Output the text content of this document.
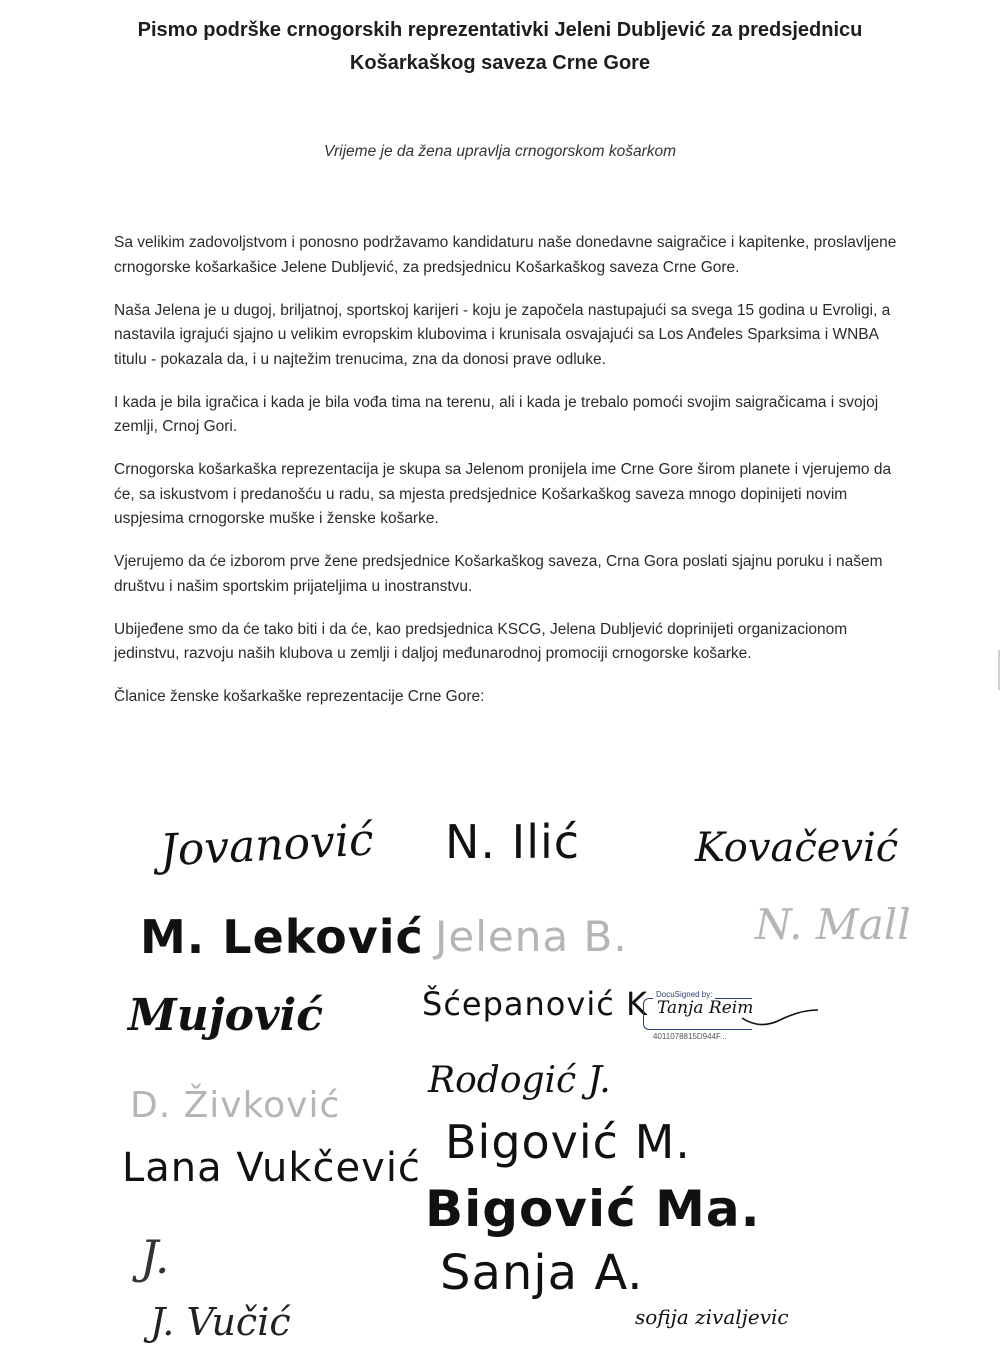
Pismo podrške crnogorskih reprezentativki Jeleni Dubljević za predsjednicu
Košarkaškog saveza Crne Gore
Vrijeme je da žena upravlja crnogorskom košarkom

Sa velikim zadovoljstvom i ponosno podržavamo kandidaturu naše donedavne saigračice i kapitenke, proslavljene crnogorske košarkašice Jelene Dubljević, za predsjednicu Košarkaškog saveza Crne Gore.

Naša Jelena je u dugoj, briljatnoj, sportskoj karijeri - koju je započela nastupajući sa svega 15 godina u Evroligi, a nastavila igrajući sjajno u velikim evropskim klubovima i krunisala osvajajući sa Los Anđeles Sparksima i WNBA titulu - pokazala da, i u najtežim trenucima, zna da donosi prave odluke.

I kada je bila igračica i kada je bila vođa tima na terenu, ali i kada je trebalo pomoći svojim saigračicama i svojoj zemlji, Crnoj Gori.

Crnogorska košarkaška reprezentacija je skupa sa Jelenom pronijela ime Crne Gore širom planete i vjerujemo da će, sa iskustvom i predanošću u radu, sa mjesta predsjednice Košarkaškog saveza mnogo dopinijeti novim uspjesima crnogorske muške i ženske košarke.

Vjerujemo da će izborom prve žene predsjednice Košarkaškog saveza, Crna Gora poslati sjajnu poruku i našem društvu i našim sportskim prijateljima u inostranstvu.

Ubijeđene smo da će tako biti i da će, kao predsjednica KSCG, Jelena Dubljević doprinijeti organizacionom jedinstvu, razvoju naših klubova u zemlji i daljoj međunarodnoj promociji crnogorske košarke.

Članice ženske košarkaške reprezentacije Crne Gore:

Jovanović N. Ilić	Kovačević
M. Leković Jelena B.	N. Mall
Mujović	Šćepanović K	DocuSigned by:
Tanja Reim
4011078815D944F...
D. Živković
Rodogić J.
Lana Vukčević Bigović M.
Bigović Ma.
J.	Sanja A.
J. Vučić	sofija zivaljevic
